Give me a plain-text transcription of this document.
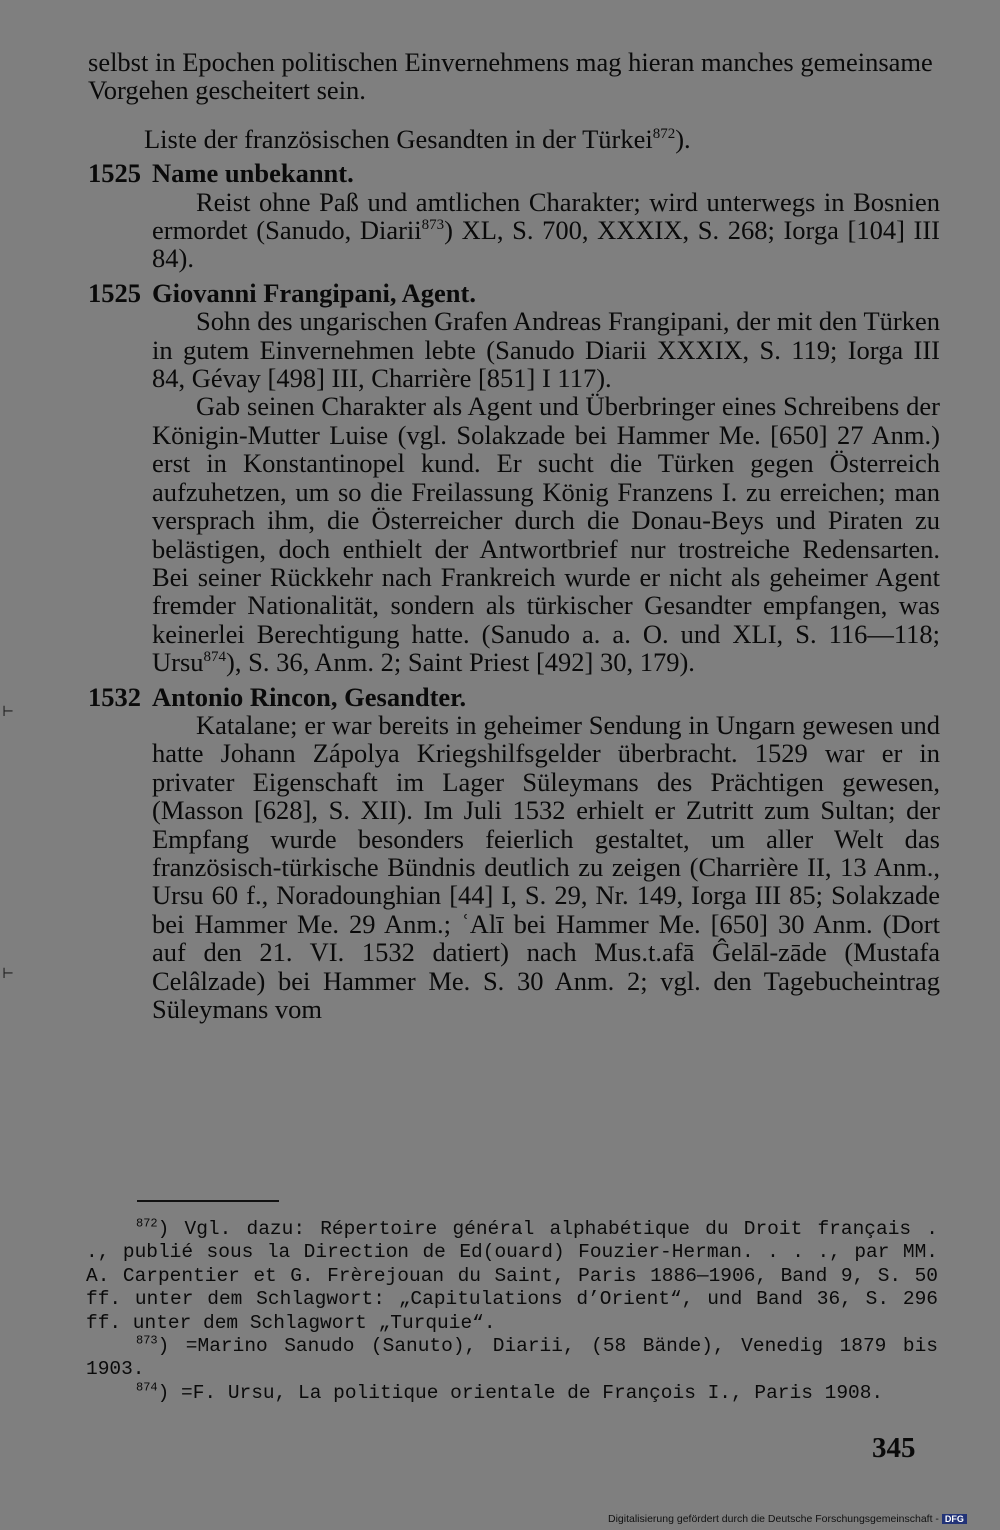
selbst in Epochen politischen Einvernehmens mag hieran manches gemeinsame Vorgehen gescheitert sein.

Liste der französischen Gesandten in der Türkei$^{872}$).

1525 Name unbekannt.

Reist ohne Paß und amtlichen Charakter; wird unterwegs in Bosnien ermordet (Sanudo, Diarii$^{873}$) XL, S. 700, XXXIX, S. 268; Iorga [104] III 84).

1525 Giovanni Frangipani, Agent.

Sohn des ungarischen Grafen Andreas Frangipani, der mit den Türken in gutem Einvernehmen lebte (Sanudo Diarii XXXIX, S. 119; Iorga III 84, Gévay [498] III, Charrière [851] I 117).

Gab seinen Charakter als Agent und Überbringer eines Schreibens der Königin-Mutter Luise (vgl. Solakzade bei Hammer Me. [650] 27 Anm.) erst in Konstantinopel kund. Er sucht die Türken gegen Österreich aufzuhetzen, um so die Freilassung König Franzens I. zu erreichen; man versprach ihm, die Österreicher durch die Donau-Beys und Piraten zu belästigen, doch enthielt der Antwortbrief nur trostreiche Redensarten. Bei seiner Rückkehr nach Frankreich wurde er nicht als geheimer Agent fremder Nationalität, sondern als türkischer Gesandter empfangen, was keinerlei Berechtigung hatte. (Sanudo a. a. O. und XLI, S. 116—118; Ursu$^{874}$), S. 36, Anm. 2; Saint Priest [492] 30, 179).

1532 Antonio Rincon, Gesandter.

Katalane; er war bereits in geheimer Sendung in Ungarn gewesen und hatte Johann Zápolya Kriegshilfsgelder überbracht. 1529 war er in privater Eigenschaft im Lager Süleymans des Prächtigen gewesen, (Masson [628], S. XII). Im Juli 1532 erhielt er Zutritt zum Sultan; der Empfang wurde besonders feierlich gestaltet, um aller Welt das französisch-türkische Bündnis deutlich zu zeigen (Charrière II, 13 Anm., Ursu 60 f., Noradounghian [44] I, S. 29, Nr. 149, Iorga III 85; Solakzade bei Hammer Me. 29 Anm.; ʿAlī bei Hammer Me. [650] 30 Anm. (Dort auf den 21. VI. 1532 datiert) nach Mus.t.afā Ĝelāl-zāde (Mustafa Celâlzade) bei Hammer Me. S. 30 Anm. 2; vgl. den Tagebucheintrag Süleymans vom

$^{872}$) Vgl. dazu: Répertoire général alphabétique du Droit français . ., publié sous la Direction de Ed(ouard) Fouzier-Herman. . . ., par MM. A. Carpentier et G. Frèrejouan du Saint, Paris 1886—1906, Band 9, S. 50 ff. unter dem Schlagwort: „Capitulations d’Orient“, und Band 36, S. 296 ff. unter dem Schlagwort „Turquie“.

$^{873}$) =Marino Sanudo (Sanuto), Diarii, (58 Bände), Venedig 1879 bis 1903.

$^{874}$) =F. Ursu, La politique orientale de François I., Paris 1908.

345
Digitalisierung gefördert durch die Deutsche Forschungsgemeinschaft - DFG
⊢
⊢
